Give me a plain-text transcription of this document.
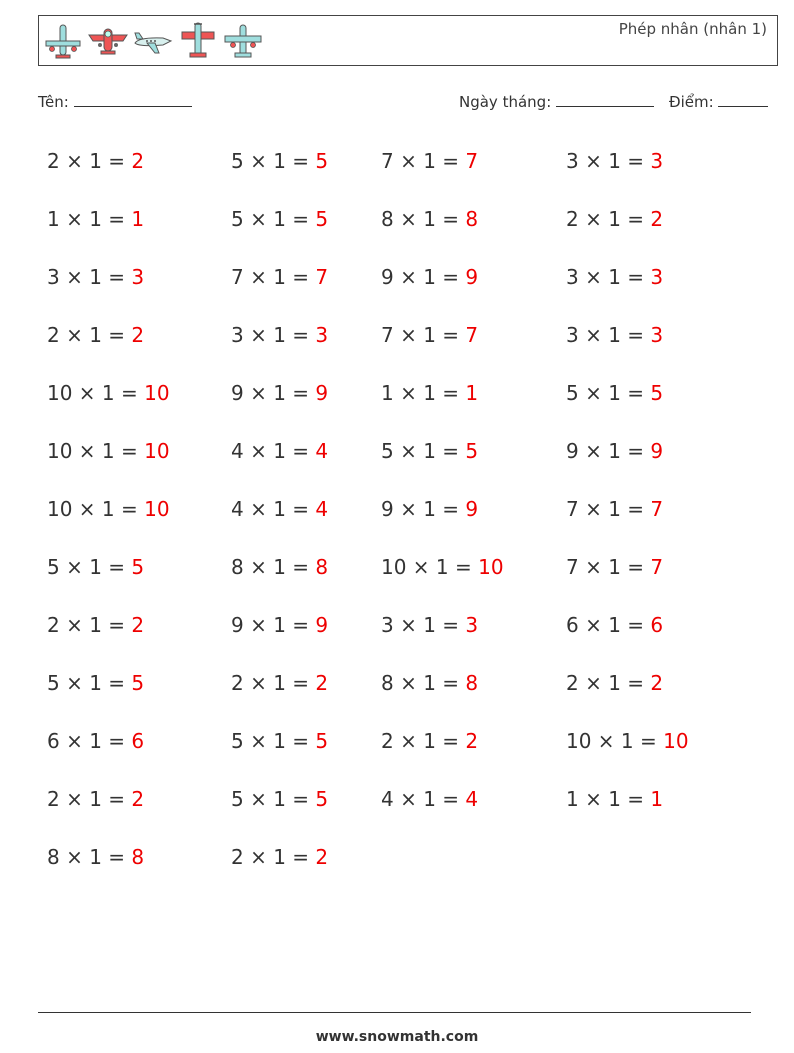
Phép nhân (nhân 1)
Tên:	Ngày tháng:	Điểm:
2 × 1 = 2	5 × 1 = 5	7 × 1 = 7	3 × 1 = 3
1 × 1 = 1	5 × 1 = 5	8 × 1 = 8	2 × 1 = 2
3 × 1 = 3	7 × 1 = 7	9 × 1 = 9	3 × 1 = 3
2 × 1 = 2	3 × 1 = 3	7 × 1 = 7	3 × 1 = 3
10 × 1 = 10	9 × 1 = 9	1 × 1 = 1	5 × 1 = 5
10 × 1 = 10	4 × 1 = 4	5 × 1 = 5	9 × 1 = 9
10 × 1 = 10	4 × 1 = 4	9 × 1 = 9	7 × 1 = 7
5 × 1 = 5	8 × 1 = 8	10 × 1 = 10	7 × 1 = 7
2 × 1 = 2	9 × 1 = 9	3 × 1 = 3	6 × 1 = 6
5 × 1 = 5	2 × 1 = 2	8 × 1 = 8	2 × 1 = 2
6 × 1 = 6	5 × 1 = 5	2 × 1 = 2	10 × 1 = 10
2 × 1 = 2	5 × 1 = 5	4 × 1 = 4	1 × 1 = 1
8 × 1 = 8	2 × 1 = 2
www.snowmath.com
